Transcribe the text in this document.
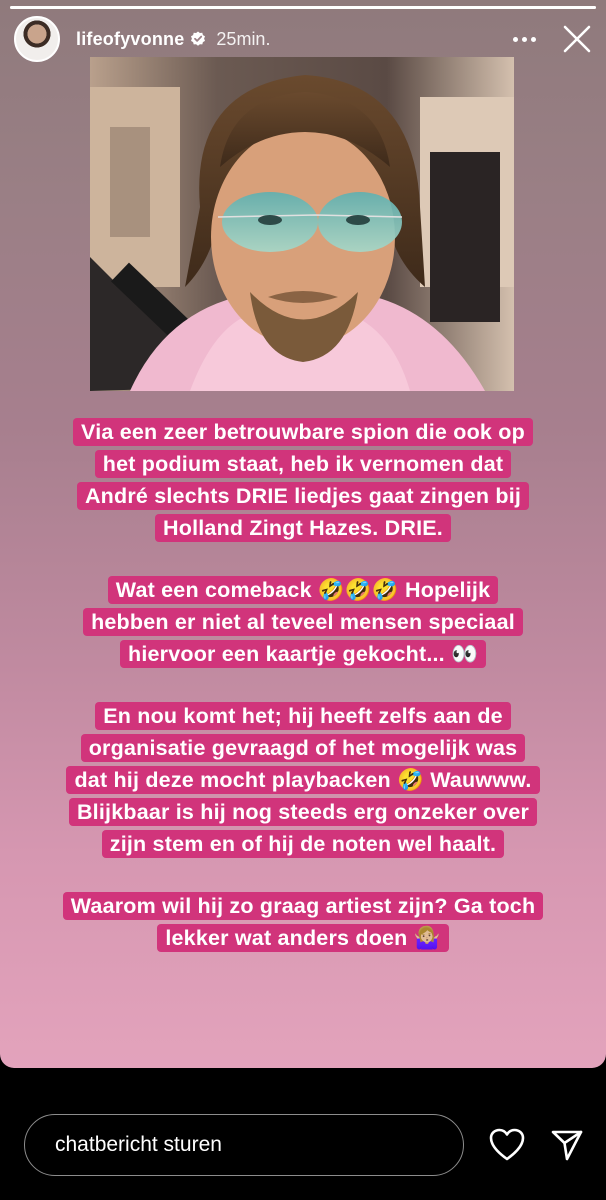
lifeofyvonne 25min.
Via een zeer betrouwbare spion die ook op
het podium staat, heb ik vernomen dat
André slechts DRIE liedjes gaat zingen bij
Holland Zingt Hazes. DRIE.
Wat een comeback 🤣🤣🤣 Hopelijk
hebben er niet al teveel mensen speciaal
hiervoor een kaartje gekocht... 👀
En nou komt het; hij heeft zelfs aan de
organisatie gevraagd of het mogelijk was
dat hij deze mocht playbacken 🤣 Wauwww.
Blijkbaar is hij nog steeds erg onzeker over
zijn stem en of hij de noten wel haalt.
Waarom wil hij zo graag artiest zijn? Ga toch
lekker wat anders doen 🤷🏼‍♀️
chatbericht sturen
